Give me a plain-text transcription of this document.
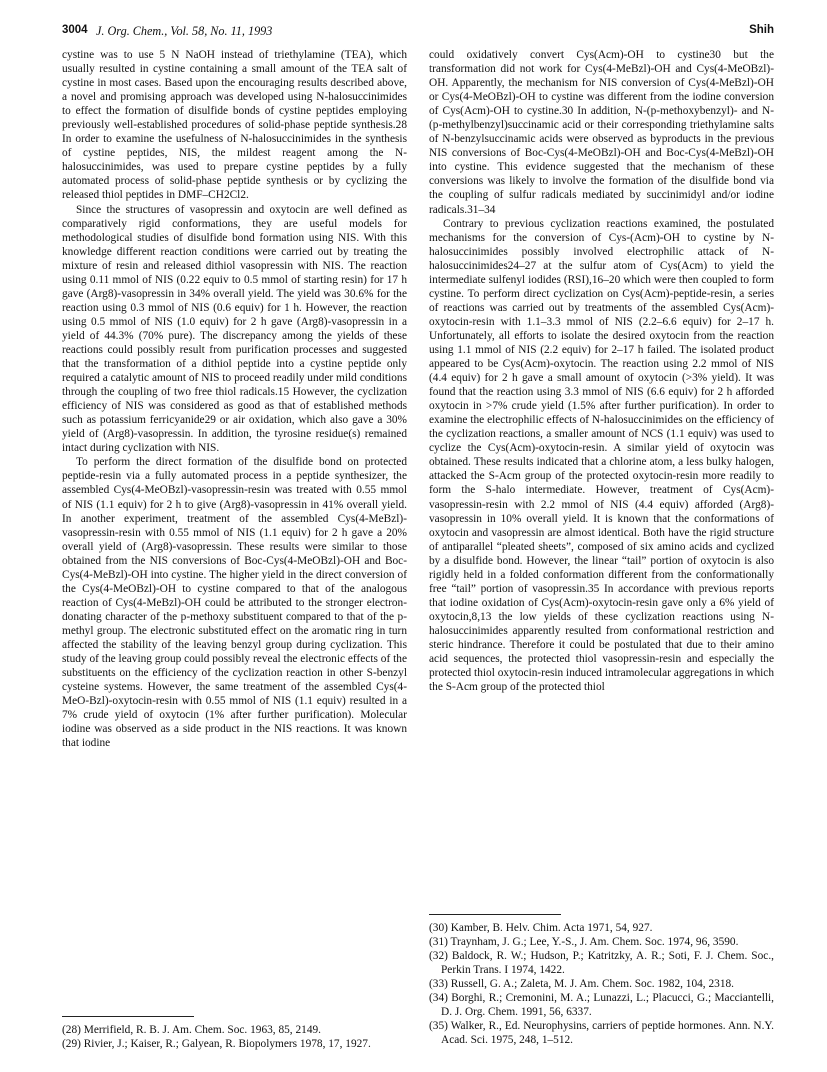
3004 J. Org. Chem., Vol. 58, No. 11, 1993	Shih

cystine was to use 5 N NaOH instead of triethylamine (TEA), which usually resulted in cystine containing a small amount of the TEA salt of cystine in most cases. Based upon the encouraging results described above, a novel and promising approach was developed using N-halosuccinimides to effect the formation of disulfide bonds of cystine peptides employing previously well-established procedures of solid-phase peptide synthesis.28 In order to examine the usefulness of N-halosuccinimides in the synthesis of cystine peptides, NIS, the mildest reagent among the N-halosuccinimides, was used to prepare cystine peptides by a fully automated process of solid-phase peptide synthesis or by cyclizing the released thiol peptides in DMF–CH2Cl2.

Since the structures of vasopressin and oxytocin are well defined as comparatively rigid conformations, they are useful models for methodological studies of disulfide bond formation using NIS. With this knowledge different reaction conditions were carried out by treating the mixture of resin and released dithiol vasopressin with NIS. The reaction using 0.11 mmol of NIS (0.22 equiv to 0.5 mmol of starting resin) for 17 h gave (Arg8)-vasopressin in 34% overall yield. The yield was 30.6% for the reaction using 0.3 mmol of NIS (0.6 equiv) for 1 h. However, the reaction using 0.5 mmol of NIS (1.0 equiv) for 2 h gave (Arg8)-vasopressin in a yield of 44.3% (70% pure). The discrepancy among the yields of these reactions could possibly result from purification processes and suggested that the transformation of a dithiol peptide into a cystine peptide only required a catalytic amount of NIS to proceed readily under mild conditions through the coupling of two free thiol radicals.15 However, the cyclization efficiency of NIS was considered as good as that of established methods such as potassium ferricyanide29 or air oxidation, which also gave a 30% yield of (Arg8)-vasopressin. In addition, the tyrosine residue(s) remained intact during cyclization with NIS.

To perform the direct formation of the disulfide bond on protected peptide-resin via a fully automated process in a peptide synthesizer, the assembled Cys(4-MeOBzl)-vasopressin-resin was treated with 0.55 mmol of NIS (1.1 equiv) for 2 h to give (Arg8)-vasopressin in 41% overall yield. In another experiment, treatment of the assembled Cys(4-MeBzl)-vasopressin-resin with 0.55 mmol of NIS (1.1 equiv) for 2 h gave a 20% overall yield of (Arg8)-vasopressin. These results were similar to those obtained from the NIS conversions of Boc-Cys(4-MeOBzl)-OH and Boc-Cys(4-MeBzl)-OH into cystine. The higher yield in the direct conversion of the Cys(4-MeOBzl)-OH to cystine compared to that of the analogous reaction of Cys(4-MeBzl)-OH could be attributed to the stronger electron-donating character of the p-methoxy substituent compared to that of the p-methyl group. The electronic substituted effect on the aromatic ring in turn affected the stability of the leaving benzyl group during cyclization. This study of the leaving group could possibly reveal the electronic effects of the substituents on the efficiency of the cyclization reaction in other S-benzyl cysteine systems. However, the same treatment of the assembled Cys(4-MeO-Bzl)-oxytocin-resin with 0.55 mmol of NIS (1.1 equiv) resulted in a 7% crude yield of oxytocin (1% after further purification). Molecular iodine was observed as a side product in the NIS reactions. It was known that iodine

(28) Merrifield, R. B. J. Am. Chem. Soc. 1963, 85, 2149.

(29) Rivier, J.; Kaiser, R.; Galyean, R. Biopolymers 1978, 17, 1927.

could oxidatively convert Cys(Acm)-OH to cystine30 but the transformation did not work for Cys(4-MeBzl)-OH and Cys(4-MeOBzl)-OH. Apparently, the mechanism for NIS conversion of Cys(4-MeBzl)-OH or Cys(4-MeOBzl)-OH to cystine was different from the iodine conversion of Cys(Acm)-OH to cystine.30 In addition, N-(p-methoxybenzyl)- and N-(p-methylbenzyl)succinamic acid or their corresponding triethylamine salts of N-benzylsuccinamic acids were observed as byproducts in the previous NIS conversions of Boc-Cys(4-MeOBzl)-OH and Boc-Cys(4-MeBzl)-OH into cystine. This evidence suggested that the mechanism of these conversions was likely to involve the formation of the disulfide bond via the coupling of sulfur radicals mediated by succinimidyl and/or iodine radicals.31–34

Contrary to previous cyclization reactions examined, the postulated mechanisms for the conversion of Cys-(Acm)-OH to cystine by N-halosuccinimides possibly involved electrophilic attack of N-halosuccinimides24–27 at the sulfur atom of Cys(Acm) to yield the intermediate sulfenyl iodides (RSI),16–20 which were then coupled to form cystine. To perform direct cyclization on Cys(Acm)-peptide-resin, a series of reactions was carried out by treatments of the assembled Cys(Acm)-oxytocin-resin with 1.1–3.3 mmol of NIS (2.2–6.6 equiv) for 2–17 h. Unfortunately, all efforts to isolate the desired oxytocin from the reaction using 1.1 mmol of NIS (2.2 equiv) for 2–17 h failed. The isolated product appeared to be Cys(Acm)-oxytocin. The reaction using 2.2 mmol of NIS (4.4 equiv) for 2 h gave a small amount of oxytocin (>3% yield). It was found that the reaction using 3.3 mmol of NIS (6.6 equiv) for 2 h afforded oxytocin in >7% crude yield (1.5% after further purification). In order to examine the electrophilic effects of N-halosuccinimides on the efficiency of the cyclization reactions, a smaller amount of NCS (1.1 equiv) was used to cyclize the Cys(Acm)-oxytocin-resin. A similar yield of oxytocin was obtained. These results indicated that a chlorine atom, a less bulky halogen, attacked the S-Acm group of the protected oxytocin-resin more readily to form the S-halo intermediate. However, treatment of Cys(Acm)-vasopressin-resin with 2.2 mmol of NIS (4.4 equiv) afforded (Arg8)-vasopressin in 10% overall yield. It is known that the conformations of oxytocin and vasopressin are almost identical. Both have the rigid structure of antiparallel “pleated sheets”, composed of six amino acids and cyclized by a disulfide bond. However, the linear “tail” portion of oxytocin is also rigidly held in a folded conformation different from the conformationally free “tail” portion of vasopressin.35 In accordance with previous reports that iodine oxidation of Cys(Acm)-oxytocin-resin gave only a 6% yield of oxytocin,8,13 the low yields of these cyclization reactions using N-halosuccinimides apparently resulted from conformational restriction and steric hindrance. Therefore it could be postulated that due to their amino acid sequences, the protected thiol vasopressin-resin and especially the protected thiol oxytocin-resin induced intramolecular aggregations in which the S-Acm group of the protected thiol

(30) Kamber, B. Helv. Chim. Acta 1971, 54, 927.

(31) Traynham, J. G.; Lee, Y.-S., J. Am. Chem. Soc. 1974, 96, 3590.

(32) Baldock, R. W.; Hudson, P.; Katritzky, A. R.; Soti, F. J. Chem. Soc., Perkin Trans. I 1974, 1422.

(33) Russell, G. A.; Zaleta, M. J. Am. Chem. Soc. 1982, 104, 2318.

(34) Borghi, R.; Cremonini, M. A.; Lunazzi, L.; Placucci, G.; Macciantelli, D. J. Org. Chem. 1991, 56, 6337.

(35) Walker, R., Ed. Neurophysins, carriers of peptide hormones. Ann. N.Y. Acad. Sci. 1975, 248, 1–512.
